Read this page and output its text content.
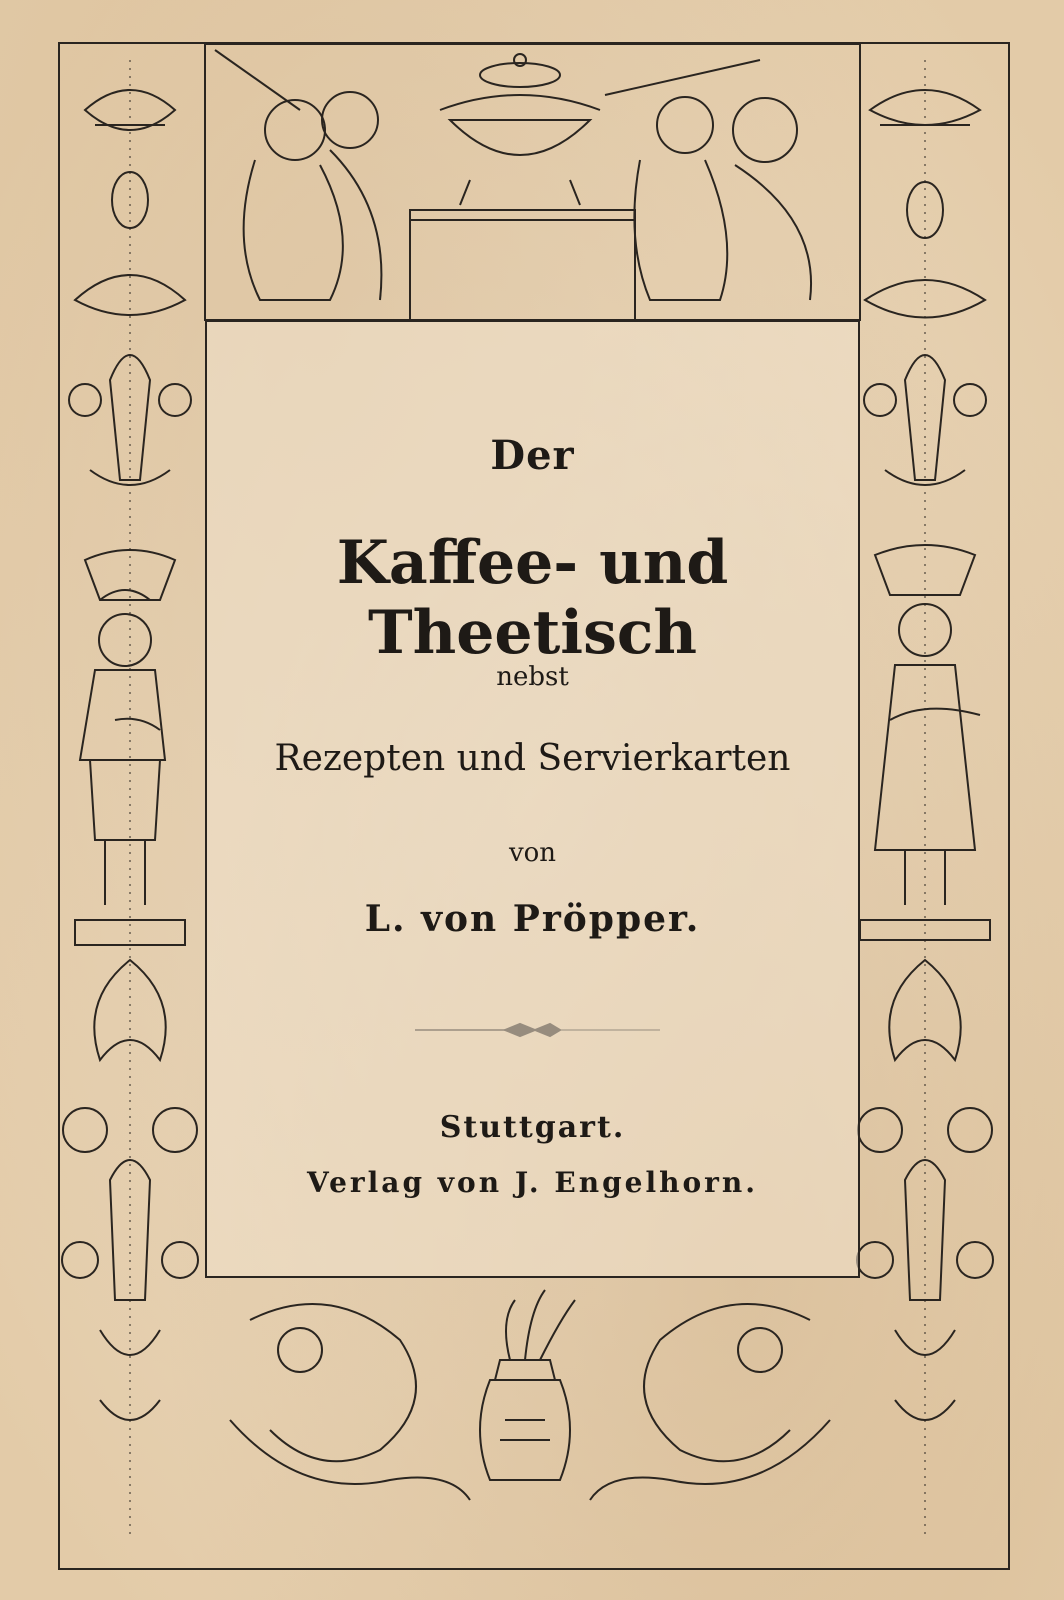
Der
Kaffee- und Theetisch
nebst
Rezepten und Servierkarten
von
L. von Pröpper.
Stuttgart.
Verlag von J. Engelhorn.
